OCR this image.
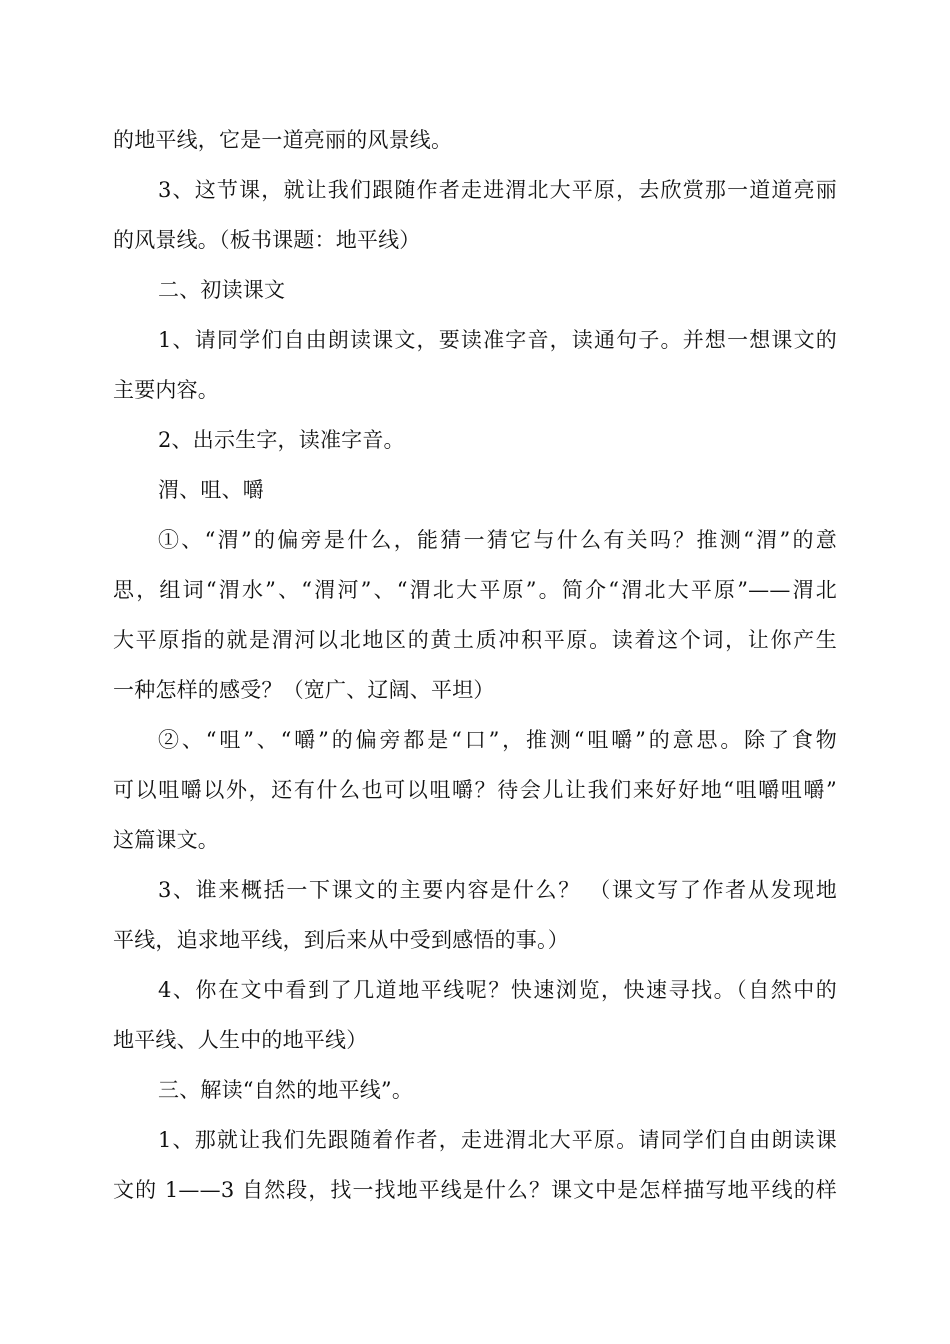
的地平线，它是一道亮丽的风景线。
3、这节课，就让我们跟随作者走进渭北大平原，去欣赏那一道道亮丽
的风景线。（板书课题：地平线）
二、初读课文
1、请同学们自由朗读课文，要读准字音，读通句子。并想一想课文的
主要内容。
2、出示生字，读准字音。
渭、咀、嚼
①、“渭”的偏旁是什么，能猜一猜它与什么有关吗？推测“渭”的意
思，组词“渭水”、“渭河”、“渭北大平原”。简介“渭北大平原”——渭北
大平原指的就是渭河以北地区的黄土质冲积平原。读着这个词，让你产生
一种怎样的感受？（宽广、辽阔、平坦）
②、“咀”、“嚼”的偏旁都是“口”，推测“咀嚼”的意思。除了食物
可以咀嚼以外，还有什么也可以咀嚼？待会儿让我们来好好地“咀嚼咀嚼”
这篇课文。
3、谁来概括一下课文的主要内容是什么？ （课文写了作者从发现地
平线，追求地平线，到后来从中受到感悟的事。）
4、你在文中看到了几道地平线呢？快速浏览，快速寻找。（自然中的
地平线、人生中的地平线）
三、解读“自然的地平线”。
1、那就让我们先跟随着作者，走进渭北大平原。请同学们自由朗读课
文的 1——3 自然段，找一找地平线是什么？课文中是怎样描写地平线的样
